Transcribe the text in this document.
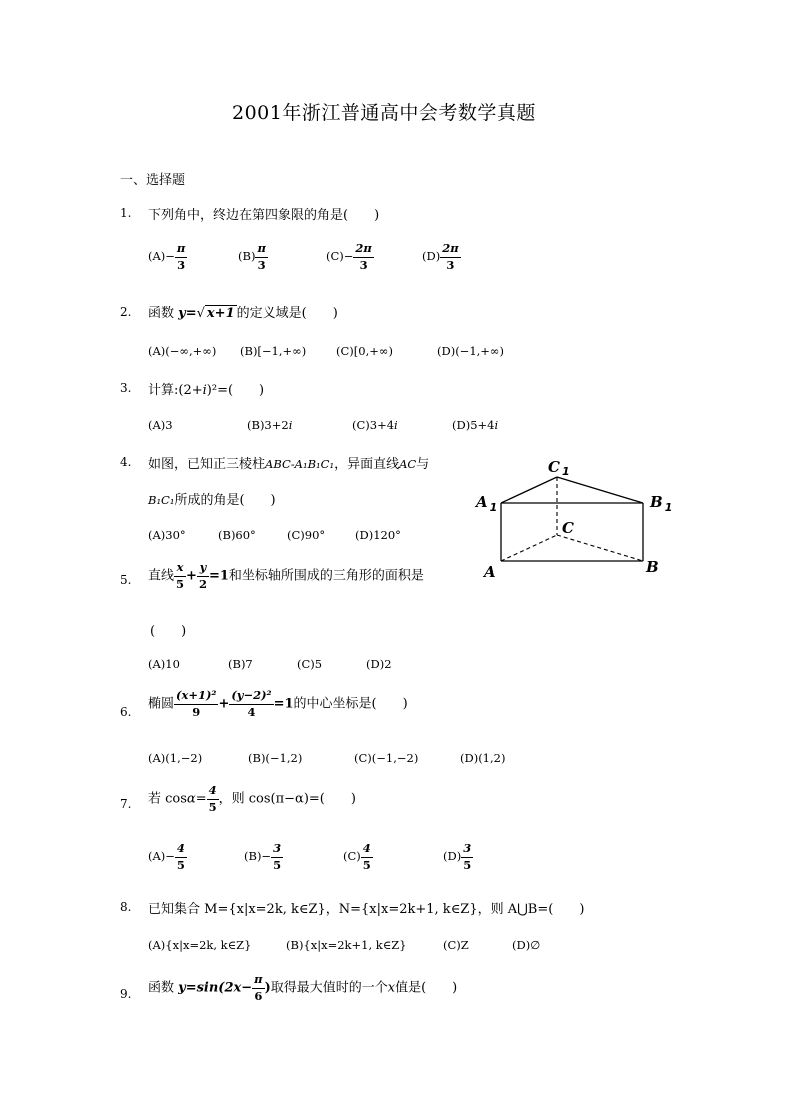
2001年浙江普通高中会考数学真题
一、选择题
1. 下列角中，终边在第四象限的角是(　　)
$(A)- \frac{\pi}{3}$	$(B) \frac{\pi}{3}$	$(C)- \frac{2\pi}{3}$	$(D) \frac{2\pi}{3}$
2. 函数 y=√ x+1 的定义域是(　　)
(A)(−∞,+∞) (B)[−1,+∞)	(C)[0,+∞)	(D)(−1,+∞)
3. 计算:(2+i)²=(　　)
(A)3	(B)3+2i	(C)3+4i	(D)5+4i
4. 如图，已知正三棱柱ABC-A₁B₁C₁，异面直线AC与
B₁C₁所成的角是(　　)
(A)30°	(B)60°	(C)90°	(D)120°
C $_1$
A $_1$	B $_1$
C
A	B
5. 直线 $\frac{x}{5} + \frac{y}{2} =1$和坐标轴所围成的三角形的面积是
(　　)
(A)10	(B)7	(C)5	(D)2
6.
椭圆 $\frac{\text{(x+1)²}}{9} + \frac{\text{(y−2)²}}{4} =1$的中心坐标是(　　)
(A)(1,−2)	(B)(−1,2)	(C)(−1,−2)	(D)(1,2)
7. 若 $\cos\alpha= \frac{4}{5}$ ，则 cos(π−α)=(　　)
$(A)- \frac{4}{5}$	$(B)- \frac{3}{5}$	$(C) \frac{4}{5}$	$(D) \frac{3}{5}$
8. 已知集合 M={x|x=2k, k∈Z}，N={x|x=2k+1, k∈Z}，则 A⋃B=(　　)
(A){x|x=2k, k∈Z}	(B){x|x=2k+1, k∈Z}	(C)Z	(D)∅
9. 函数 $y=\sin(2x- \frac{\pi}{6}$ )取得最大值时的一个x值是(　　)
